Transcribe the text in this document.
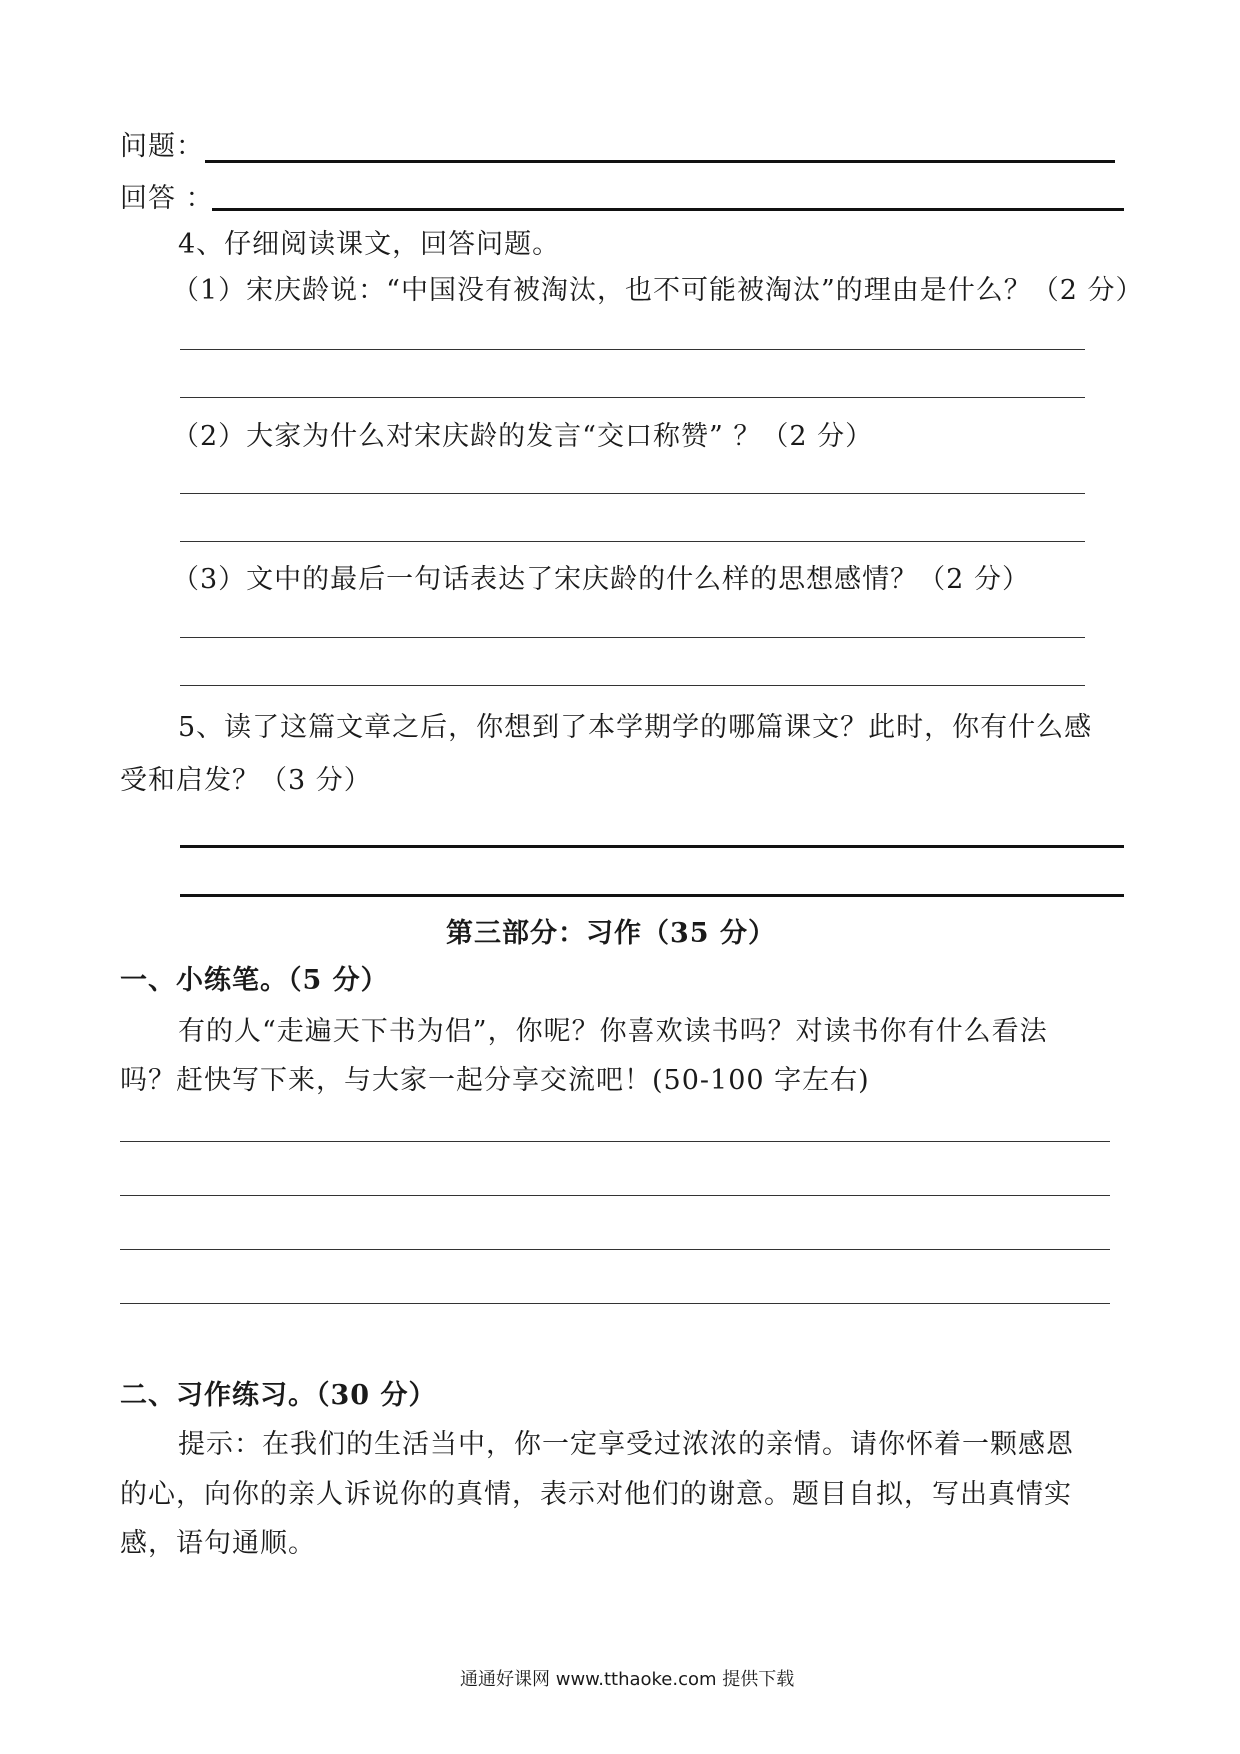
问题：
回答 ：
4、仔细阅读课文，回答问题。
（1）宋庆龄说：“中国没有被淘汰，也不可能被淘汰”的理由是什么？（2 分）
（2）大家为什么对宋庆龄的发言“交口称赞” ？（2 分）
（3）文中的最后一句话表达了宋庆龄的什么样的思想感情？（2 分）
5、读了这篇文章之后，你想到了本学期学的哪篇课文？此时，你有什么感
受和启发？（3 分）
第三部分：习作（35 分）
一、小练笔。（5 分）
有的人“走遍天下书为侣”，你呢？你喜欢读书吗？对读书你有什么看法
吗？赶快写下来，与大家一起分享交流吧！(50-100 字左右)
二、习作练习。（30 分）
提示：在我们的生活当中，你一定享受过浓浓的亲情。请你怀着一颗感恩
的心，向你的亲人诉说你的真情，表示对他们的谢意。题目自拟，写出真情实
感，语句通顺。
通通好课网 www.tthaoke.com 提供下载
